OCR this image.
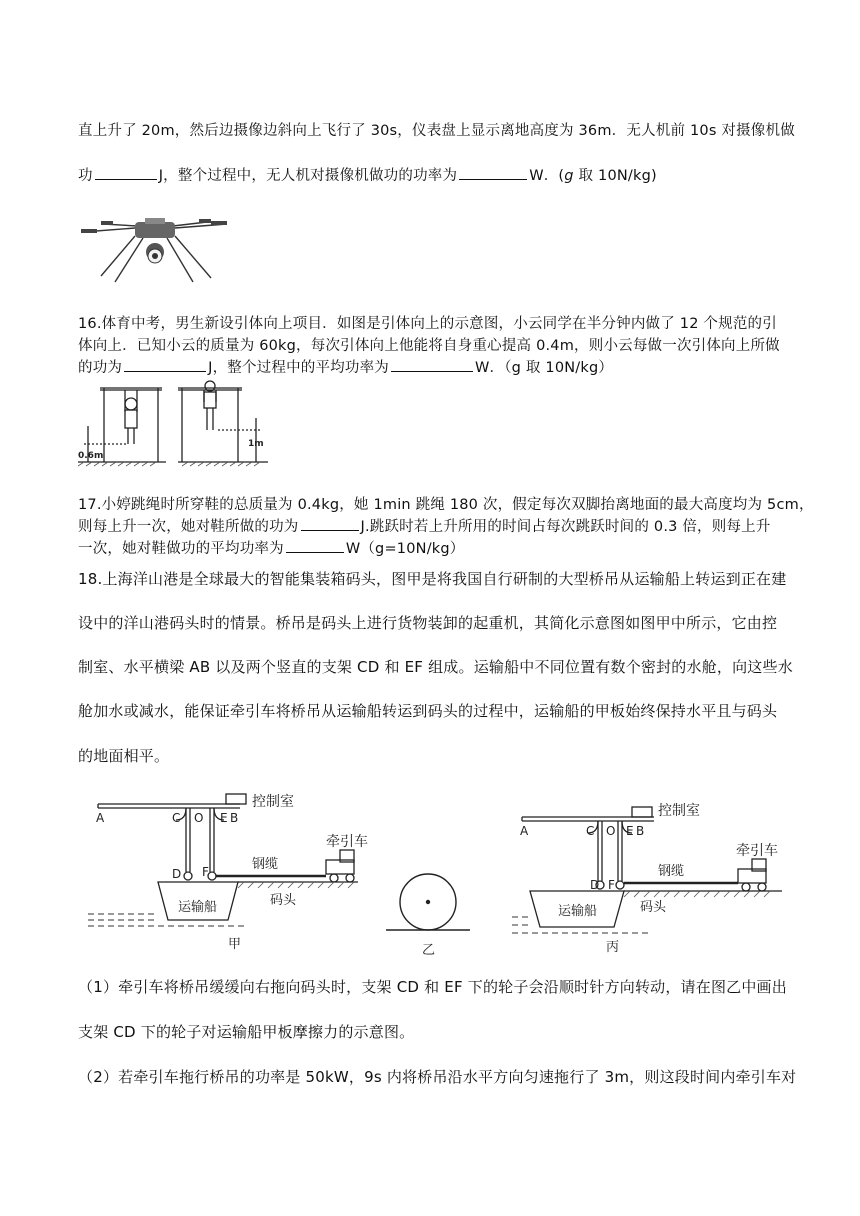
直上升了 20m，然后边摄像边斜向上飞行了 30s，仪表盘上显示离地高度为 36m．无人机前 10s 对摄像机做
功	J，整个过程中，无人机对摄像机做功的功率为	W．(g 取 10N/kg)
16.体育中考，男生新设引体向上项目．如图是引体向上的示意图，小云同学在半分钟内做了 12 个规范的引
体向上．已知小云的质量为 60kg，每次引体向上他能将自身重心提高 0.4m，则小云每做一次引体向上所做
的功为	J，整个过程中的平均功率为	W．（g 取 10N/kg）
0.6m
1m
17.小婷跳绳时所穿鞋的总质量为 0.4kg，她 1min 跳绳 180 次，假定每次双脚抬离地面的最大高度均为 5cm，
则每上升一次，她对鞋所做的功为	J.跳跃时若上升所用的时间占每次跳跃时间的 0.3 倍，则每上升
一次，她对鞋做功的平均功率为	W（g=10N/kg）
18.上海洋山港是全球最大的智能集装箱码头，图甲是将我国自行研制的大型桥吊从运输船上转运到正在建
设中的洋山港码头时的情景。桥吊是码头上进行货物装卸的起重机，其简化示意图如图甲中所示，它由控
制室、水平横梁 AB 以及两个竖直的支架 CD 和 EF 组成。运输船中不同位置有数个密封的水舱，向这些水
舱加水或减水，能保证牵引车将桥吊从运输船转运到码头的过程中，运输船的甲板始终保持水平且与码头
的地面相平。
A	C O E B
控制室
牵引车
钢缆
D F
运输船	码头
甲	乙
A	C O E B
控制室
牵引车
钢缆
D F
运输船	码头
丙
（1）牵引车将桥吊缓缓向右拖向码头时，支架 CD 和 EF 下的轮子会沿顺时针方向转动，请在图乙中画出
支架 CD 下的轮子对运输船甲板摩擦力的示意图。
（2）若牵引车拖行桥吊的功率是 50kW，9s 内将桥吊沿水平方向匀速拖行了 3m，则这段时间内牵引车对
